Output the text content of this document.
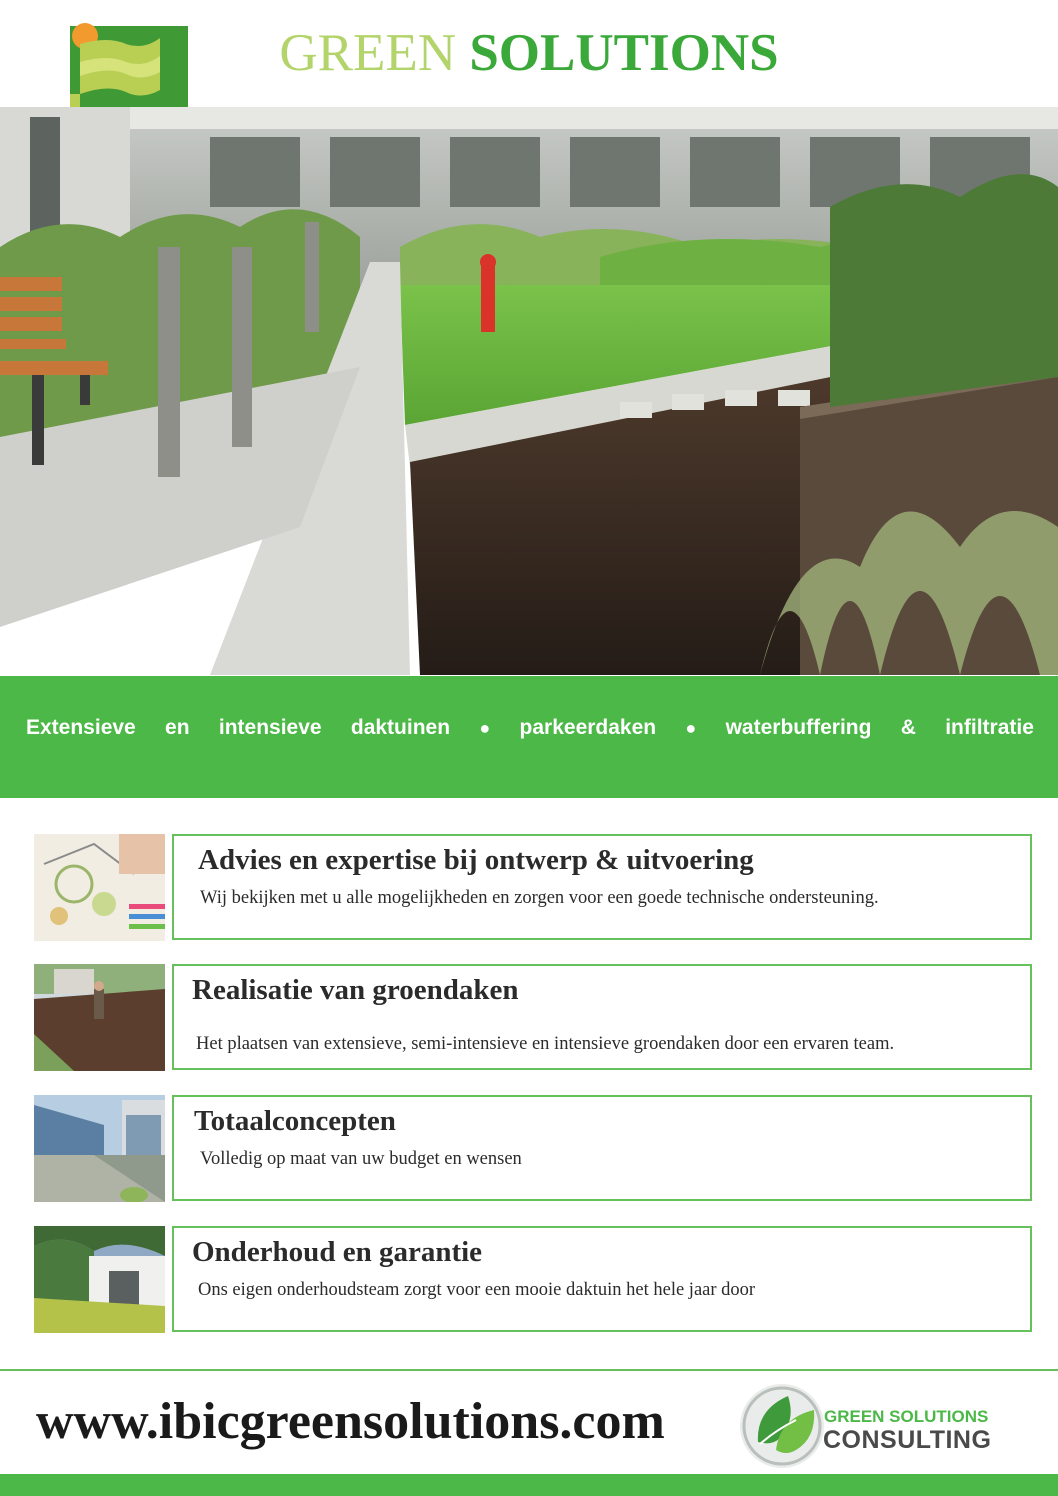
GREEN SOLUTIONS
Extensieve en intensieve daktuinen ● parkeerdaken ● waterbuffering & infiltratie
Advies en expertise bij ontwerp & uitvoering
Wij bekijken met u alle mogelijkheden en zorgen voor een goede technische ondersteuning.
Realisatie van groendaken
Het plaatsen van extensieve, semi-intensieve en intensieve groendaken door een ervaren team.
Totaalconcepten
Volledig op maat van uw budget en wensen
Onderhoud en garantie
Ons eigen onderhoudsteam zorgt voor een mooie daktuin het hele jaar door
www.ibicgreensolutions.com	GREEN SOLUTIONS
CONSULTING
